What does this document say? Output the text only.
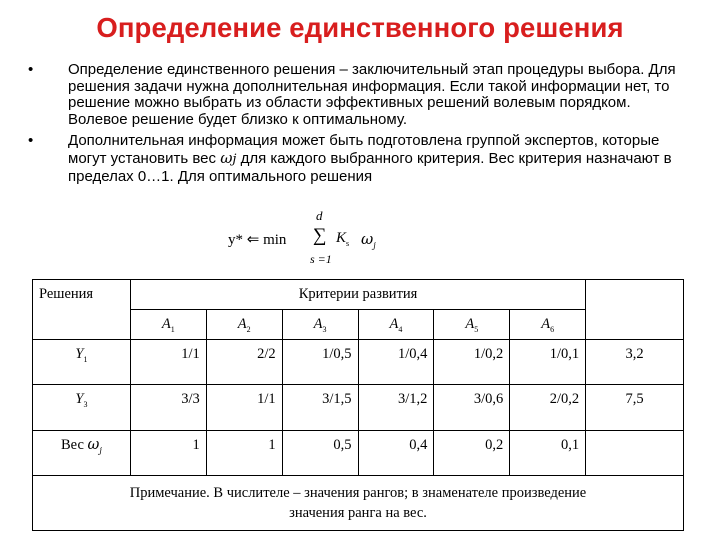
Определение единственного решения
• Определение единственного решения – заключительный этап процедуры выбора. Для решения задачи нужна дополнительная информация. Если такой информации нет, то решение можно выбрать из области эффективных решений волевым порядком. Волевое решение будет близко к оптимальному.
• Дополнительная информация может быть подготовлена группой экспертов, которые могут установить вес ωj для каждого выбранного критерия. Вес критерия назначают в пределах 0…1. Для оптимального решения
d
y* ⇐ min ∑ $K_s$ $\omega_j$
s =1
Решения	Критерии развития						
	$A_1$	$A_2$	$A_3$	$A_4$	$A_5$	$A_6$
$Y_1$	1/1	2/2	1/0,5	1/0,4	1/0,2	1/0,1	3,2
$Y_3$	3/3	1/1	3/1,5	3/1,2	3/0,6	2/0,2	7,5
Вес $\omega_j$	1	1	0,5	0,4	0,2	0,1	

Примечание. В числителе – значения рангов; в знаменателе произведение
значения ранга на вес.							
